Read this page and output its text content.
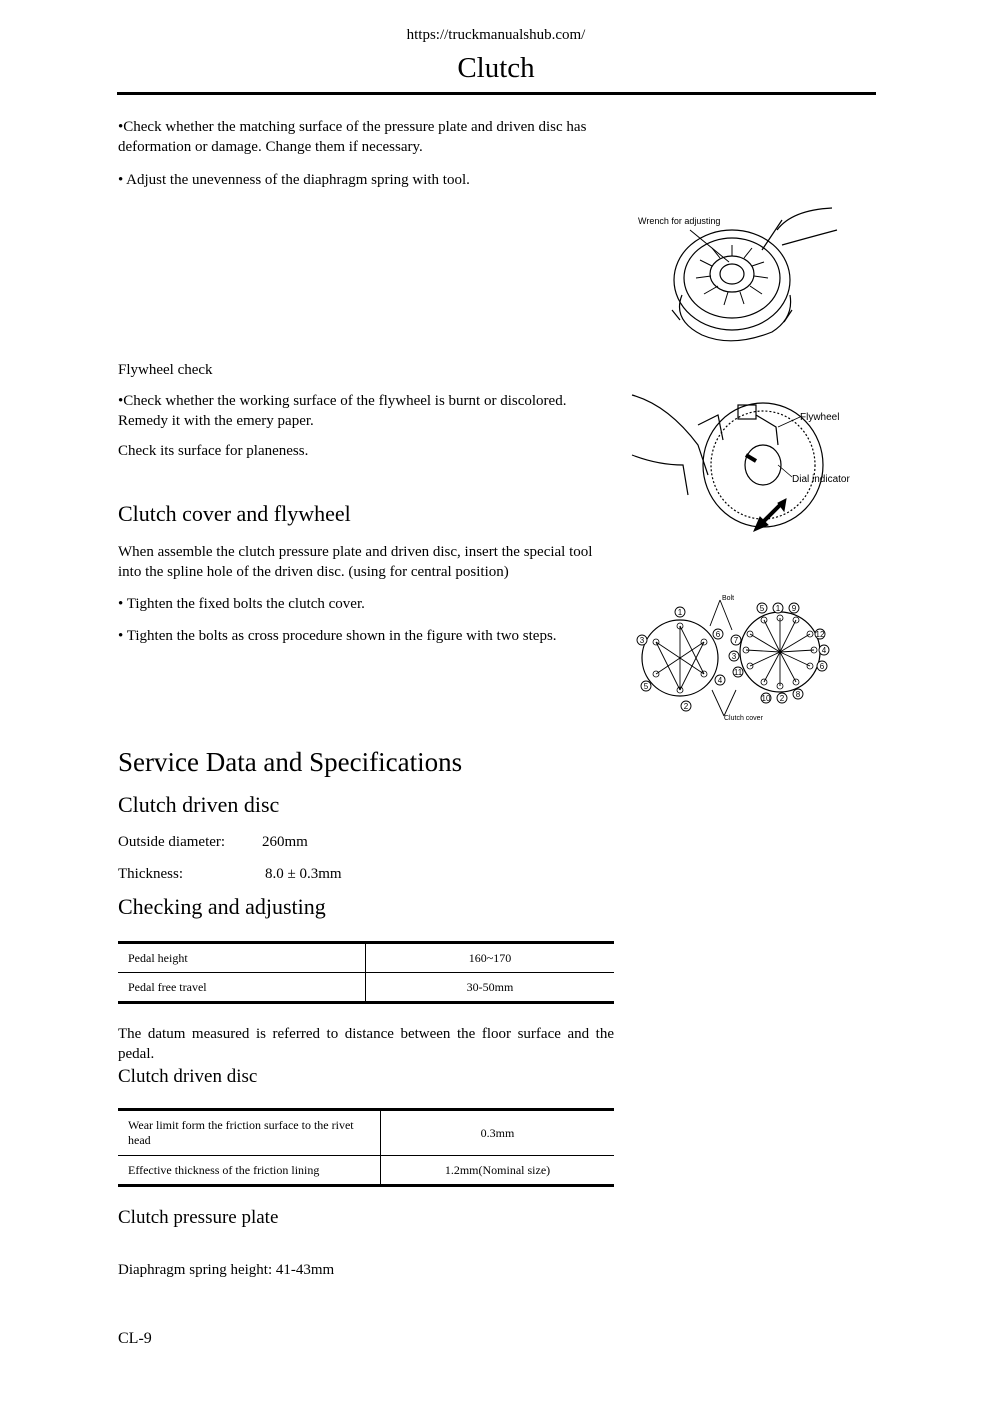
https://truckmanualshub.com/
Clutch
•Check whether the matching surface of the pressure plate and driven disc has deformation or damage. Change them if necessary.
• Adjust the unevenness of the diaphragm spring with tool.
Wrench for adjusting
Flywheel check
•Check whether the working surface of the flywheel is burnt or discolored. Remedy it with the emery paper.
Check its surface for planeness.
Flywheel
Dial indicator
Clutch cover and flywheel
When assemble the clutch pressure plate and driven disc, insert the special tool into the spline hole of the driven disc. (using for central position)
• Tighten the fixed bolts the clutch cover.
• Tighten the bolts as cross procedure shown in the figure with two steps.
1
2
3
4
5
6
1
2
3
4
5
6
7
8
9
10
11
12
Bolt
Clutch cover
Service Data and Specifications
Clutch driven disc
Outside diameter:	260mm
Thickness:	8.0 ± 0.3mm
Checking and adjusting
Pedal height	160~170
Pedal free travel	30-50mm
The datum measured is referred to distance between the floor surface and the pedal.
Clutch driven disc
Wear limit form the friction surface to the rivet head	0.3mm
Effective thickness of the friction lining	1.2mm(Nominal size)
Clutch pressure plate
Diaphragm spring height: 41-43mm
CL-9
